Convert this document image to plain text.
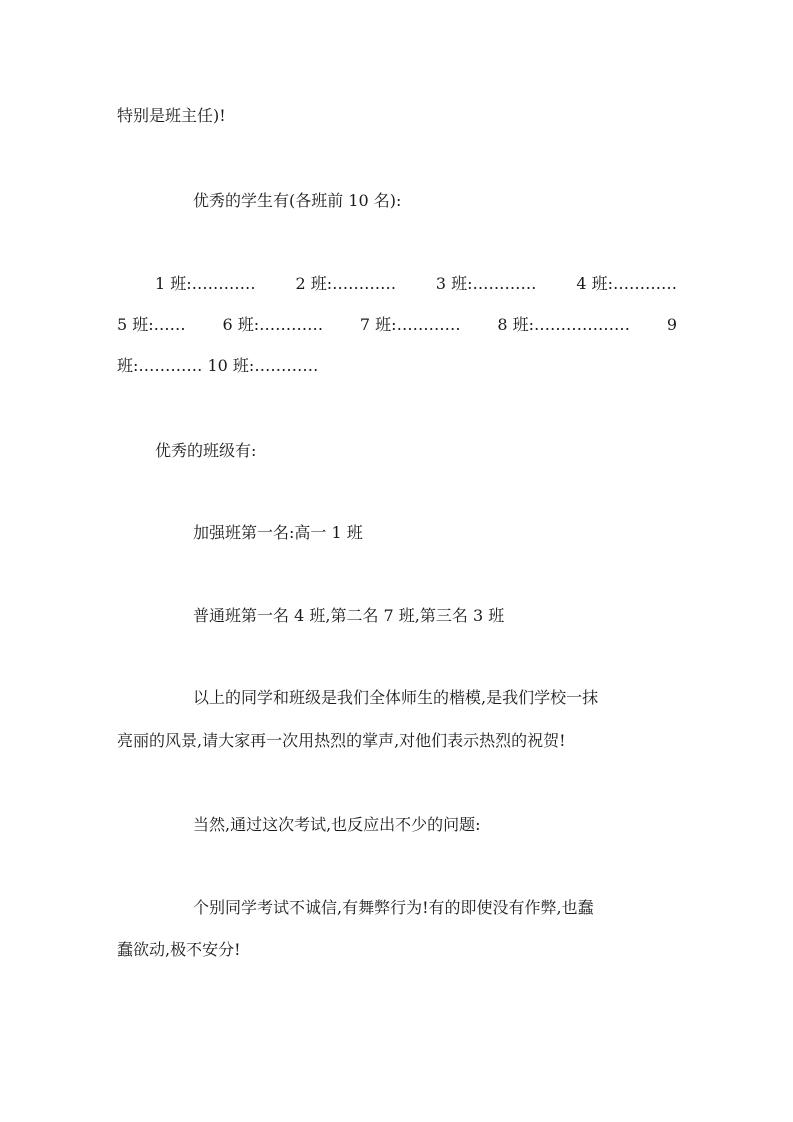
特别是班主任)!
优秀的学生有(各班前 10 名):
1 班:………… 2 班:………… 3 班:………… 4 班:…………
5 班:…… 6 班:………… 7 班:………… 8 班:……………… 9
班:………… 10 班:…………
优秀的班级有:
加强班第一名:高一 1 班
普通班第一名 4 班,第二名 7 班,第三名 3 班
以上的同学和班级是我们全体师生的楷模,是我们学校一抹
亮丽的风景,请大家再一次用热烈的掌声,对他们表示热烈的祝贺!
当然,通过这次考试,也反应出不少的问题:
个别同学考试不诚信,有舞弊行为!有的即使没有作弊,也蠢
蠢欲动,极不安分!
